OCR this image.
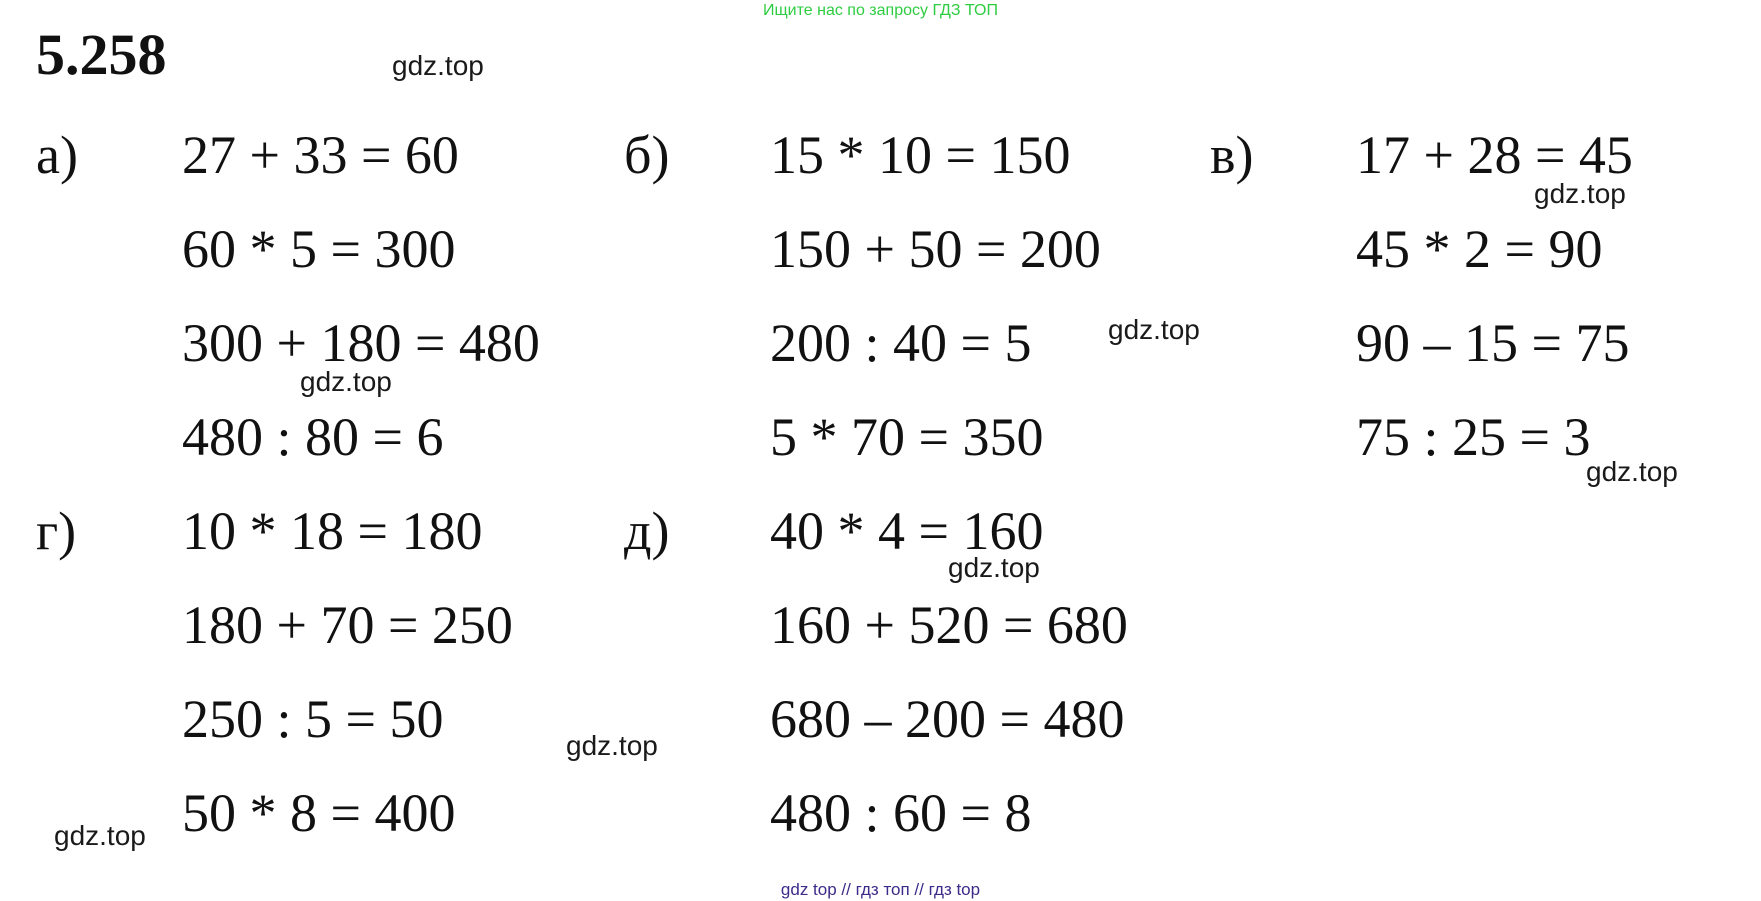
Ищите нас по запросу ГДЗ ТОП
5.258
а) 27 + 33 = 60
60 * 5 = 300
300 + 180 = 480
480 : 80 = 6
б) 15 * 10 = 150
150 + 50 = 200
200 : 40 = 5
5 * 70 = 350
в) 17 + 28 = 45
45 * 2 = 90
90 – 15 = 75
75 : 25 = 3
г) 10 * 18 = 180
180 + 70 = 250
250 : 5 = 50
50 * 8 = 400
д) 40 * 4 = 160
160 + 520 = 680
680 – 200 = 480
480 : 60 = 8
gdz.top
gdz.top
gdz.top
gdz.top
gdz.top
gdz.top
gdz.top
gdz.top
gdz top // гдз топ // гдз top
